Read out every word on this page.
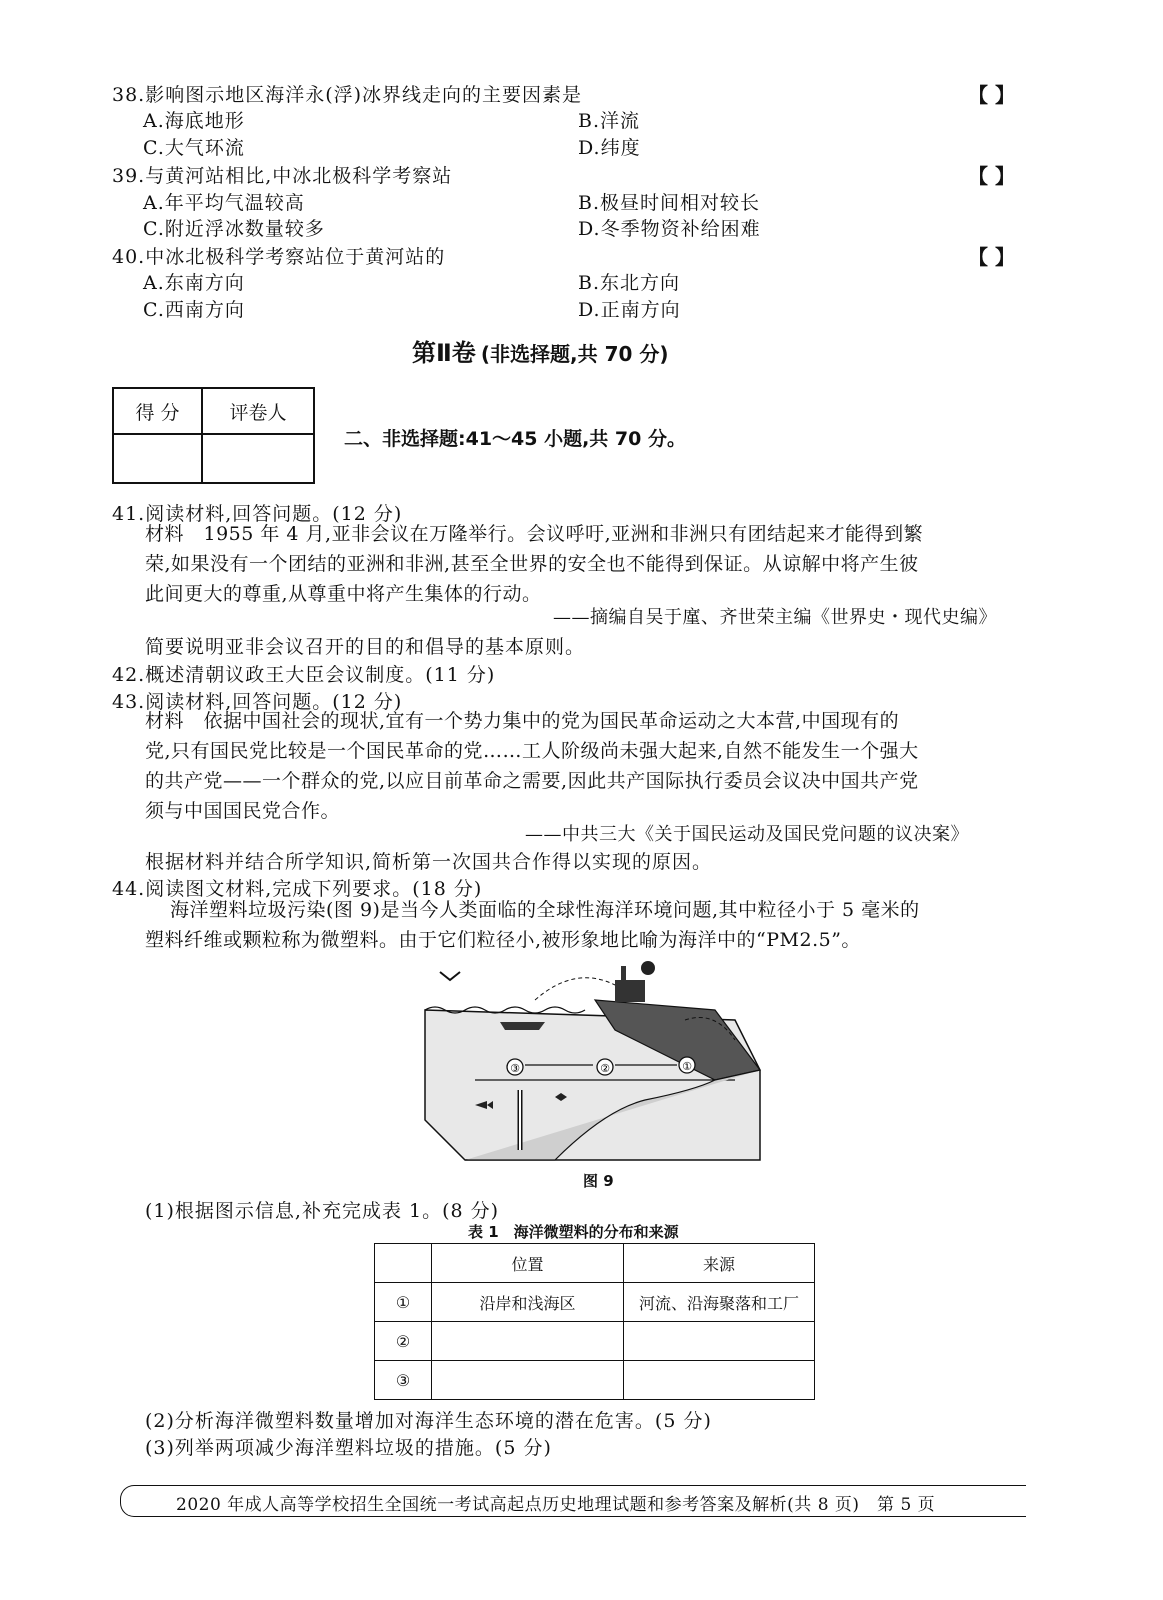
38.影响图示地区海洋永(浮)冰界线走向的主要因素是	【 】
A.海底地形	B.洋流
C.大气环流	D.纬度
39.与黄河站相比,中冰北极科学考察站	【 】
A.年平均气温较高	B.极昼时间相对较长
C.附近浮冰数量较多	D.冬季物资补给困难
40.中冰北极科学考察站位于黄河站的	【 】
A.东南方向	B.东北方向
C.西南方向	D.正南方向
第Ⅱ卷 (非选择题,共 70 分)
得 分	评卷人

二、非选择题:41～45 小题,共 70 分。
41.阅读材料,回答问题。(12 分)
材料　1955 年 4 月,亚非会议在万隆举行。会议呼吁,亚洲和非洲只有团结起来才能得到繁
荣,如果没有一个团结的亚洲和非洲,甚至全世界的安全也不能得到保证。从谅解中将产生彼
此间更大的尊重,从尊重中将产生集体的行动。
——摘编自吴于廑、齐世荣主编《世界史・现代史编》
简要说明亚非会议召开的目的和倡导的基本原则。
42.概述清朝议政王大臣会议制度。(11 分)
43.阅读材料,回答问题。(12 分)
材料　依据中国社会的现状,宜有一个势力集中的党为国民革命运动之大本营,中国现有的
党,只有国民党比较是一个国民革命的党……工人阶级尚未强大起来,自然不能发生一个强大
的共产党——一个群众的党,以应目前革命之需要,因此共产国际执行委员会议决中国共产党
须与中国国民党合作。
——中共三大《关于国民运动及国民党问题的议决案》
根据材料并结合所学知识,简析第一次国共合作得以实现的原因。
44.阅读图文材料,完成下列要求。(18 分)
海洋塑料垃圾污染(图 9)是当今人类面临的全球性海洋环境问题,其中粒径小于 5 毫米的
塑料纤维或颗粒称为微塑料。由于它们粒径小,被形象地比喻为海洋中的“PM2.5”。
③	②	①
图 9
(1)根据图示信息,补充完成表 1。(8 分)
表 1　海洋微塑料的分布和来源
	位置	来源
①	沿岸和浅海区	河流、沿海聚落和工厂
②		
③		
(2)分析海洋微塑料数量增加对海洋生态环境的潜在危害。(5 分)
(3)列举两项减少海洋塑料垃圾的措施。(5 分)
2020 年成人高等学校招生全国统一考试高起点历史地理试题和参考答案及解析(共 8 页)　第 5 页
